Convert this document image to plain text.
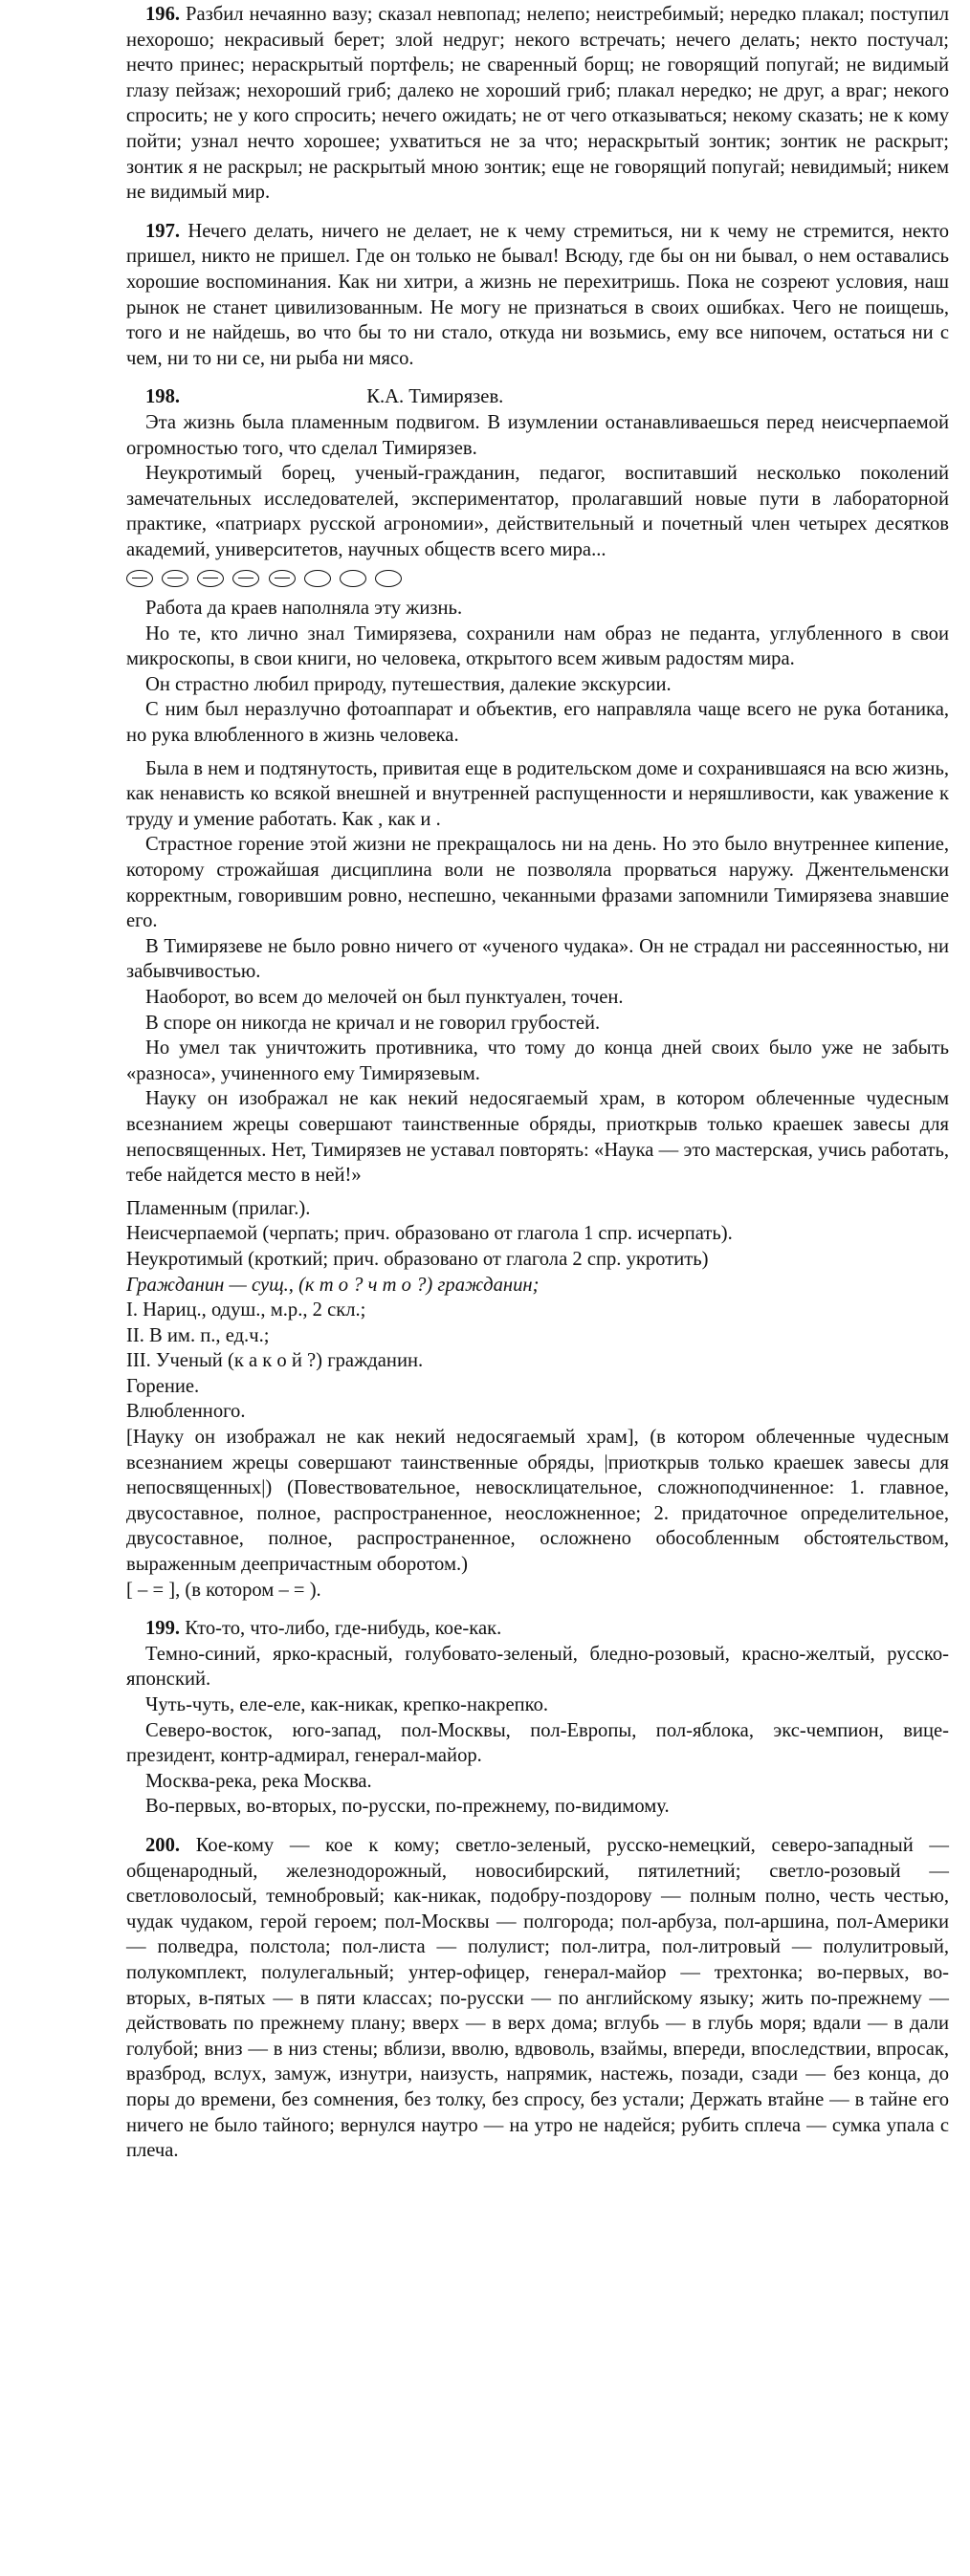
196. Разбил нечаянно вазу; сказал невпопад; нелепо; неистребимый; нередко плакал; поступил нехорошо; некрасивый берет; злой недруг; некого встречать; нечего делать; некто постучал; нечто принес; нераскрытый портфель; не сваренный борщ; не говорящий попугай; не видимый глазу пейзаж; нехороший гриб; далеко не хороший гриб; плакал нередко; не друг, а враг; некого спросить; не у кого спросить; нечего ожидать; не от чего отказываться; некому сказать; не к кому пойти; узнал нечто хорошее; ухватиться не за что; нераскрытый зонтик; зонтик не раскрыт; зонтик я не раскрыл; не раскрытый мною зонтик; еще не говорящий попугай; невидимый; никем не видимый мир.

197. Нечего делать, ничего не делает, не к чему стремиться, ни к чему не стремится, некто пришел, никто не пришел. Где он только не бывал! Всюду, где бы он ни бывал, о нем оставались хорошие воспоминания. Как ни хитри, а жизнь не перехитришь. Пока не созреют условия, наш рынок не станет цивилизованным. Не могу не признаться в своих ошибках. Чего не поищешь, того и не найдешь, во что бы то ни стало, откуда ни возьмись, ему все нипочем, остаться ни с чем, ни то ни се, ни рыба ни мясо.

198.	К.А. Тимирязев.

Эта жизнь была пламенным подвигом. В изумлении останавливаешься перед неисчерпаемой огромностью того, что сделал Тимирязев.

Неукротимый борец, ученый-гражданин, педагог, воспитавший несколько поколений замечательных исследователей, экспериментатор, пролагавший новые пути в лабораторной практике, «патриарх русской агрономии», действительный и почетный член четырех десятков академий, университетов, научных обществ всего мира...

Работа да краев наполняла эту жизнь.

Но те, кто лично знал Тимирязева, сохранили нам образ не педанта, углубленного в свои микроскопы, в свои книги, но человека, открытого всем живым радостям мира.

Он страстно любил природу, путешествия, далекие экскурсии.

С ним был неразлучно фотоаппарат и объектив, его направляла чаще всего не рука ботаника, но рука влюбленного в жизнь человека.

Была в нем и подтянутость, привитая еще в родительском доме и сохранившаяся на всю жизнь, как ненависть ко всякой внешней и внутренней распущенности и неряшливости, как уважение к труду и умение работать. Как , как и .

Страстное горение этой жизни не прекращалось ни на день. Но это было внутреннее кипение, которому строжайшая дисциплина воли не позволяла прорваться наружу. Джентельменски корректным, говорившим ровно, неспешно, чеканными фразами запомнили Тимирязева знавшие его.

В Тимирязеве не было ровно ничего от «ученого чудака». Он не страдал ни рассеянностью, ни забывчивостью.

Наоборот, во всем до мелочей он был пунктуален, точен.

В споре он никогда не кричал и не говорил грубостей.

Но умел так уничтожить противника, что тому до конца дней своих было уже не забыть «разноса», учиненного ему Тимирязевым.

Науку он изображал не как некий недосягаемый храм, в котором облеченные чудесным всезнанием жрецы совершают таинственные обряды, приоткрыв только краешек завесы для непосвященных. Нет, Тимирязев не уставал повторять: «Наука — это мастерская, учись работать, тебе найдется место в ней!»

Пламенным (прилаг.).

Неисчерпаемой (черпать; прич. образовано от глагола 1 спр. исчерпать).

Неукротимый (кроткий; прич. образовано от глагола 2 спр. укротить)

Гражданин — сущ., (к т о ? ч т о ?) гражданин;

I. Нариц., одуш., м.р., 2 скл.;

II. В им. п., ед.ч.;

III. Ученый (к а к о й ?) гражданин.

Горение.

Влюбленного.

[Науку он изображал не как некий недосягаемый храм], (в котором облеченные чудесным всезнанием жрецы совершают таинственные обряды, |приоткрыв только краешек завесы для непосвященных|) (Повествовательное, невосклицательное, сложноподчиненное: 1. главное, двусоставное, полное, распространенное, неосложненное; 2. придаточное определительное, двусоставное, полное, распространенное, осложнено обособленным обстоятельством, выраженным деепричастным оборотом.)

[ – = ], (в котором – = ).

199. Кто-то, что-либо, где-нибудь, кое-как.

Темно-синий, ярко-красный, голубовато-зеленый, бледно-розовый, красно-желтый, русско-японский.

Чуть-чуть, еле-еле, как-никак, крепко-накрепко.

Северо-восток, юго-запад, пол-Москвы, пол-Европы, пол-яблока, экс-чемпион, вице-президент, контр-адмирал, генерал-майор.

Москва-река, река Москва.

Во-первых, во-вторых, по-русски, по-прежнему, по-видимому.

200. Кое-кому — кое к кому; светло-зеленый, русско-немецкий, северо-западный — общенародный, железнодорожный, новосибирский, пятилетний; светло-розовый — светловолосый, темнобровый; как-никак, подобру-поздорову — полным полно, честь честью, чудак чудаком, герой героем; пол-Москвы — полгорода; пол-арбуза, пол-аршина, пол-Америки — полведра, полстола; пол-листа — полулист; пол-литра, пол-литровый — полулитровый, полукомплект, полулегальный; унтер-офицер, генерал-майор — трехтонка; во-первых, во-вторых, в-пятых — в пяти классах; по-русски — по английскому языку; жить по-прежнему — действовать по прежнему плану; вверх — в верх дома; вглубь — в глубь моря; вдали — в дали голубой; вниз — в низ стены; вблизи, вволю, вдвоволь, взаймы, впереди, впоследствии, впросак, вразброд, вслух, замуж, изнутри, наизусть, напрямик, настежь, позади, сзади — без конца, до поры до времени, без сомнения, без толку, без спросу, без устали; Держать втайне — в тайне его ничего не было тайного; вернулся наутро — на утро не надейся; рубить сплеча — сумка упала с плеча.
